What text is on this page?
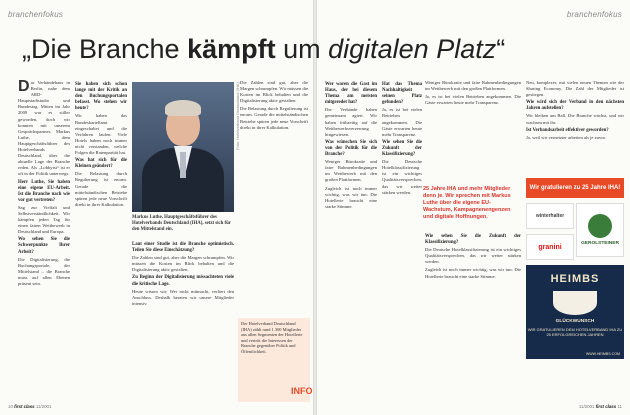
branchenfokus	branchenfokus
„Die Branche kämpft um digitalen Platz“

Das Verbändehaus in Berlin, nahe dem ARD-Hauptstadtstudio und Bundestag. Mitten im Jahr 2009 war es stiller geworden, doch wir konnten mit unserem Gesprächspartner, Markus Luthe, dem Hauptgeschäftsführer des Hotelverbands Deutschland, über die aktuelle Lage der Branche reden. Als „Lobbyist“ ist er oft in der Politik unterwegs.

Herr Luthe, Sie haben eine eigene EU-Arbeit. Ist die Branche nach wie vor gut vertreten?

Sag zur Vielfalt und Selbstverständlichkeit. Wir kämpfen jeden Tag für einen fairen Wettbewerb in Deutschland und Europa.

Wo sehen Sie die Schwerpunkte Ihrer Arbeit?

Die Digitalisierung, die Buchungsportale, der Mittelstand – die Branche muss auf allen Ebenen präsent sein.

Sie haben sich schon lange mit der Kritik an den Buchungsportalen befasst. Wo stehen wir heute?

Wir haben das Bundeskartellamt eingeschaltet und die Verfahren laufen. Viele Hotels haben noch immer nicht verstanden, welche Folgen die Ratenparität hat.

Was hat sich für die Kleinen geändert?

Die Belastung durch Regulierung ist enorm. Gerade die mittelständischen Betriebe spüren jede neue Vorschrift direkt in ihrer Kalkulation.

Foto: Hotelverband Deutschland (IHA)
Markus Luthe, Hauptgeschäftsführer des Hotelverbands Deutschland (IHA), setzt sich für den Mittelstand ein.
Laut einer Studie ist die Branche optimistisch. Teilen Sie diese Einschätzung?

Die Zahlen sind gut, aber die Margen schrumpfen. Wir müssen die Kosten im Blick behalten und die Digitalisierung aktiv gestalten.

Zu Beginn der Digitalisierung missachteten viele die kritische Lage.

Heute wissen wir: Wer nicht mitmacht, verliert den Anschluss. Deshalb beraten wir unsere Mitglieder intensiv.

Die Zahlen sind gut, aber die Margen schrumpfen. Wir müssen die Kosten im Blick behalten und die Digitalisierung aktiv gestalten.

Die Belastung durch Regulierung ist enorm. Gerade die mittelständischen Betriebe spüren jede neue Vorschrift direkt in ihrer Kalkulation.

Der Hotelverband Deutschland (IHA) zählt rund 1.300 Mitglieder aus allen Segmenten der Hotellerie und vertritt die Interessen der Branche gegenüber Politik und Öffentlichkeit.
INFO
Wer waren die Gast im Haus, der bei diesem Thema am meisten mitgeredet hat?

Die Verbände haben gemeinsam agiert. Wir haben frühzeitig auf die Wettbewerbsverzerrung hingewiesen.

Was wünschen Sie sich von der Politik für die Branche?

Weniger Bürokratie und faire Rahmenbedingungen im Wettbewerb mit den großen Plattformen.

Zugleich ist noch immer wichtig, was wir tun: Die Hotellerie braucht eine starke Stimme.

Hat das Thema Nachhaltigkeit seinen Platz gefunden?

Ja, es ist bei vielen Betrieben angekommen. Die Gäste erwarten heute mehr Transparenz.

Wie sehen Sie die Zukunft der Klassifizierung?

Die Deutsche Hotelklassifizierung ist ein wichtiges Qualitätsversprechen, das wir weiter stärken werden.

Weniger Bürokratie und faire Rahmenbedingungen im Wettbewerb mit den großen Plattformen.

Ja, es ist bei vielen Betrieben angekommen. Die Gäste erwarten heute mehr Transparenz.

25 Jahre IHA und mehr Mitglieder denn je. Wir sprechen mit Markus Luthe über die eigene EU-Wachstum, Kampagnenengenzen und digitale Hoffnungen.
Wie sehen Sie die Zukunft der Klassifizierung?

Die Deutsche Hotelklassifizierung ist ein wichtiges Qualitätsversprechen, das wir weiter stärken werden.

Zugleich ist noch immer wichtig, was wir tun: Die Hotellerie braucht eine starke Stimme.

Neu, komplexer, mit vielen neuen Themen wie der Sharing Economy. Die Zahl der Mitglieder ist gestiegen.

Wie wird sich der Verband in den nächsten Jahren aufstellen?

Wir bleiben am Ball. Die Branche wächst, und wir wachsen mit ihr.

Ist Verbandsarbeit effektiver geworden?

Ja, weil wir vernetzter arbeiten als je zuvor.

Wir gratulieren zu 25 Jahre IHA!
winterhalter
GEROLSTEINER
granini
HEIMBS
GLÜCKWUNSCH
WIR GRATULIEREN DEM HOTELVERBAND IHA ZU 25 ERFOLGREICHEN JAHREN
WWW.HEIMBS.COM
10 first class 11/2001	11/2001 first class 11
